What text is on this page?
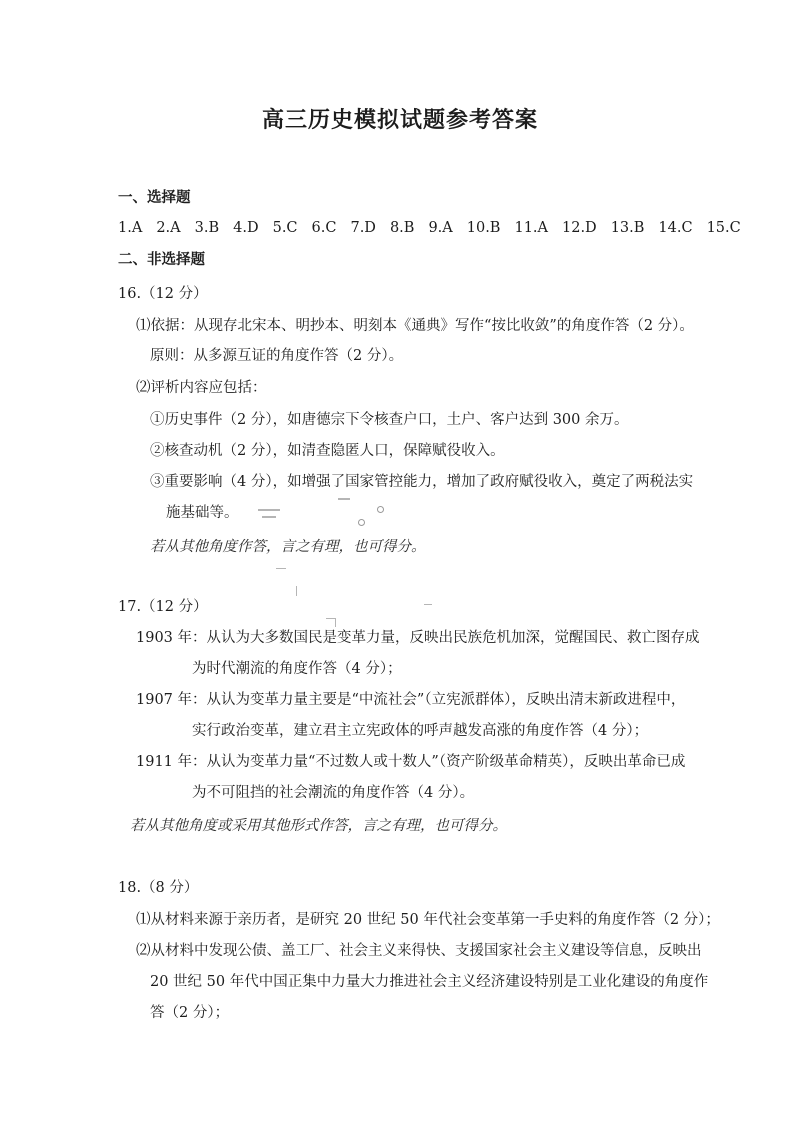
高三历史模拟试题参考答案
一、选择题
1.A 2.A 3.B 4.D 5.C 6.C 7.D 8.B 9.A 10.B 11.A 12.D 13.B 14.C 15.C
二、非选择题
16.（12 分）
⑴依据：从现存北宋本、明抄本、明刻本《通典》写作“按比收敛”的角度作答（2 分）。
原则：从多源互证的角度作答（2 分）。
⑵评析内容应包括：
①历史事件（2 分），如唐德宗下令核查户口，土户、客户达到 300 余万。
②核查动机（2 分），如清查隐匿人口，保障赋役收入。
③重要影响（4 分），如增强了国家管控能力，增加了政府赋役收入，奠定了两税法实
施基础等。
若从其他角度作答，言之有理，也可得分。
17.（12 分）
1903 年：从认为大多数国民是变革力量，反映出民族危机加深，觉醒国民、救亡图存成
为时代潮流的角度作答（4 分）；
1907 年：从认为变革力量主要是“中流社会”（立宪派群体），反映出清末新政进程中，
实行政治变革，建立君主立宪政体的呼声越发高涨的角度作答（4 分）；
1911 年：从认为变革力量“不过数人或十数人”（资产阶级革命精英），反映出革命已成
为不可阻挡的社会潮流的角度作答（4 分）。
若从其他角度或采用其他形式作答，言之有理，也可得分。
18.（8 分）
⑴从材料来源于亲历者，是研究 20 世纪 50 年代社会变革第一手史料的角度作答（2 分）；
⑵从材料中发现公债、盖工厂、社会主义来得快、支援国家社会主义建设等信息，反映出
20 世纪 50 年代中国正集中力量大力推进社会主义经济建设特别是工业化建设的角度作
答（2 分）；
